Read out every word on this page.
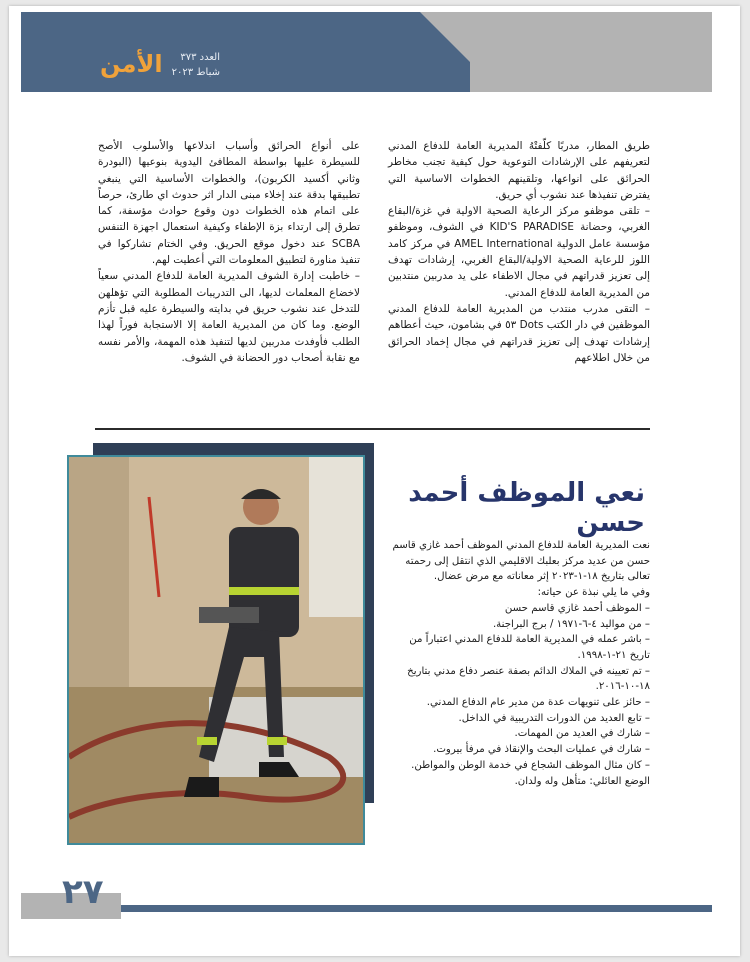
الأمن	العدد ٣٧٣
شباط ٢٠٢٣

طريق المطار، مدربًا كلّفتْهُ المديرية العامة للدفاع المدني لتعريفهم على الإرشادات التوعوية حول كيفية تجنب مخاطر الحرائق على انواعها، وتلقينهم الخطوات الاساسية التي يفترض تنفيذها عند نشوب أي حريق.

– تلقى موظفو مركز الرعاية الصحية الاولية في غزة/البقاع الغربي، وحضانة KID'S PARADISE في الشوف، وموظفو مؤسسة عامل الدولية AMEL International في مركز كامد اللوز للرعاية الصحية الاولية/البقاع الغربي، إرشادات تهدف إلى تعزيز قدراتهم في مجال الاطفاء على يد مدربين منتدبين من المديرية العامة للدفاع المدني.

– التقى مدرب منتدب من المديرية العامة للدفاع المدني الموظفين في دار الكتب Dots ٥٣ في بشامون، حيث أعطاهم إرشادات تهدف إلى تعزيز قدراتهم في مجال إخماد الحرائق من خلال اطلاعهم

على أنواع الحرائق وأسباب اندلاعها والأسلوب الأصح للسيطرة عليها بواسطة المطافئ اليدوية بنوعيها (البودرة وثاني أكسيد الكربون)، والخطوات الأساسية التي ينبغي تطبيقها بدقة عند إخلاء مبنى الدار اثر حدوث اي طارئ، حرصاً على اتمام هذه الخطوات دون وقوع حوادث مؤسفة، كما تطرق إلى ارتداء بزة الإطفاء وكيفية استعمال اجهزة التنفس SCBA عند دخول موقع الحريق. وفي الختام تشاركوا في تنفيذ مناورة لتطبيق المعلومات التي أعطيت لهم.

– خاطبت إدارة الشوف المديرية العامة للدفاع المدني سعياً لاخضاع المعلمات لديها، الى التدريبات المطلوبة التي تؤهلهن للتدخل عند نشوب حريق في بدايته والسيطرة عليه قبل تأزم الوضع. وما كان من المديرية العامة إلا الاستجابة فوراً لهذا الطلب فأوفدت مدربين لديها لتنفيذ هذه المهمة، والأمر نفسه مع نقابة أصحاب دور الحضانة في الشوف.

نعي الموظف أحمد حسن

نعت المديرية العامة للدفاع المدني الموظف أحمد غازي قاسم حسن من عديد مركز بعلبك الاقليمي الذي انتقل إلى رحمته تعالى بتاريخ ١٨-١-٢٠٢٣ إثر معاناته مع مرض عضال.

وفي ما يلي نبذة عن حياته:

– الموظف أحمد غازي قاسم حسن

– من مواليد ٤-٦-١٩٧١ / برج البراجنة.

– باشر عمله في المديرية العامة للدفاع المدني اعتباراً من تاريخ ٢١-١-١٩٩٨.

– تم تعيينه في الملاك الدائم بصفة عنصر دفاع مدني بتاريخ ١٨-١٠-٢٠١٦.

– حائز على تنويهات عدة من مدير عام الدفاع المدني.

– تابع العديد من الدورات التدريبية في الداخل.

– شارك في العديد من المهمات.

– شارك في عمليات البحث والإنقاذ في مرفأ بيروت.

– كان مثال الموظف الشجاع في خدمة الوطن والمواطن.

الوضع العائلي: متأهل وله ولدان.

٢٧
